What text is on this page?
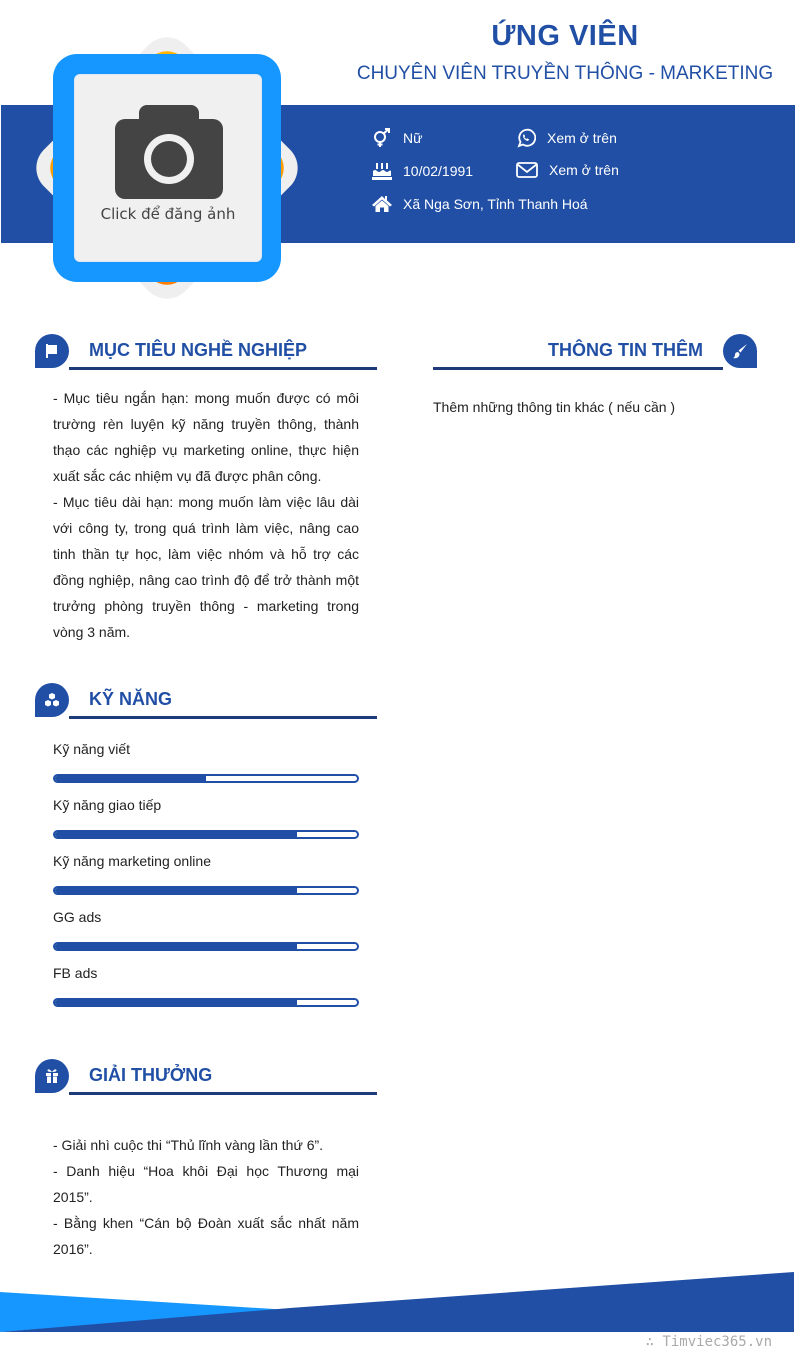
Click để đăng ảnh
ỨNG VIÊN
CHUYÊN VIÊN TRUYỀN THÔNG - MARKETING
Nữ
10/02/1991
Xã Nga Sơn, Tỉnh Thanh Hoá
Xem ở trên
Xem ở trên
MỤC TIÊU NGHỀ NGHIỆP

- Mục tiêu ngắn hạn: mong muốn được có môi trường rèn luyện kỹ năng truyền thông, thành thạo các nghiệp vụ marketing online, thực hiện xuất sắc các nhiệm vụ đã được phân công.

- Mục tiêu dài hạn: mong muốn làm việc lâu dài với công ty, trong quá trình làm việc, nâng cao tinh thần tự học, làm việc nhóm và hỗ trợ các đồng nghiệp, nâng cao trình độ để trở thành một trưởng phòng truyền thông - marketing trong vòng 3 năm.

THÔNG TIN THÊM
Thêm những thông tin khác ( nếu cần )
KỸ NĂNG
Kỹ năng viết
Kỹ năng giao tiếp
Kỹ năng marketing online
GG ads
FB ads
GIẢI THƯỞNG

- Giải nhì cuộc thi “Thủ lĩnh vàng lần thứ 6”.

- Danh hiệu “Hoa khôi Đại học Thương mại 2015”.

- Bằng khen “Cán bộ Đoàn xuất sắc nhất năm 2016”.

∴ Timviec365.vn
